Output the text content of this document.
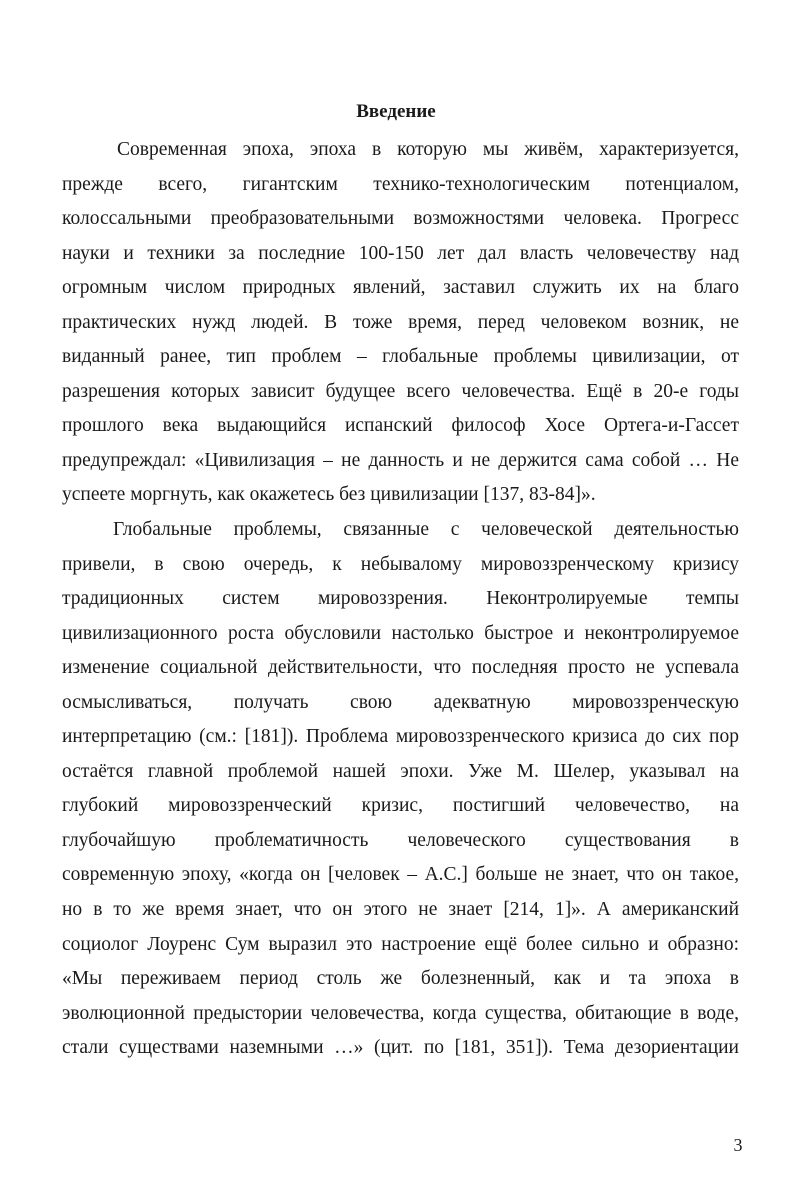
Введение
Современная эпоха, эпоха в которую мы живём, характеризуется,
прежде всего, гигантским технико-технологическим потенциалом,
колоссальными преобразовательными возможностями человека. Прогресс
науки и техники за последние 100-150 лет дал власть человечеству над
огромным числом природных явлений, заставил служить их на благо
практических нужд людей. В тоже время, перед человеком возник, не
виданный ранее, тип проблем – глобальные проблемы цивилизации, от
разрешения которых зависит будущее всего человечества. Ещё в 20-е годы
прошлого века выдающийся испанский философ Хосе Ортега-и-Гассет
предупреждал: «Цивилизация – не данность и не держится сама собой … Не
успеете моргнуть, как окажетесь без цивилизации [137, 83-84]».
Глобальные проблемы, связанные с человеческой деятельностью
привели, в свою очередь, к небывалому мировоззренческому кризису
традиционных систем мировоззрения. Неконтролируемые темпы
цивилизационного роста обусловили настолько быстрое и неконтролируемое
изменение социальной действительности, что последняя просто не успевала
осмысливаться, получать свою адекватную мировоззренческую
интерпретацию (см.: [181]). Проблема мировоззренческого кризиса до сих пор
остаётся главной проблемой нашей эпохи. Уже М. Шелер, указывал на
глубокий мировоззренческий кризис, постигший человечество, на
глубочайшую проблематичность человеческого существования в
современную эпоху, «когда он [человек – А.С.] больше не знает, что он такое,
но в то же время знает, что он этого не знает [214, 1]». А американский
социолог Лоуренс Сум выразил это настроение ещё более сильно и образно:
«Мы переживаем период столь же болезненный, как и та эпоха в
эволюционной предыстории человечества, когда существа, обитающие в воде,
стали существами наземными …» (цит. по [181, 351]). Тема дезориентации
3
